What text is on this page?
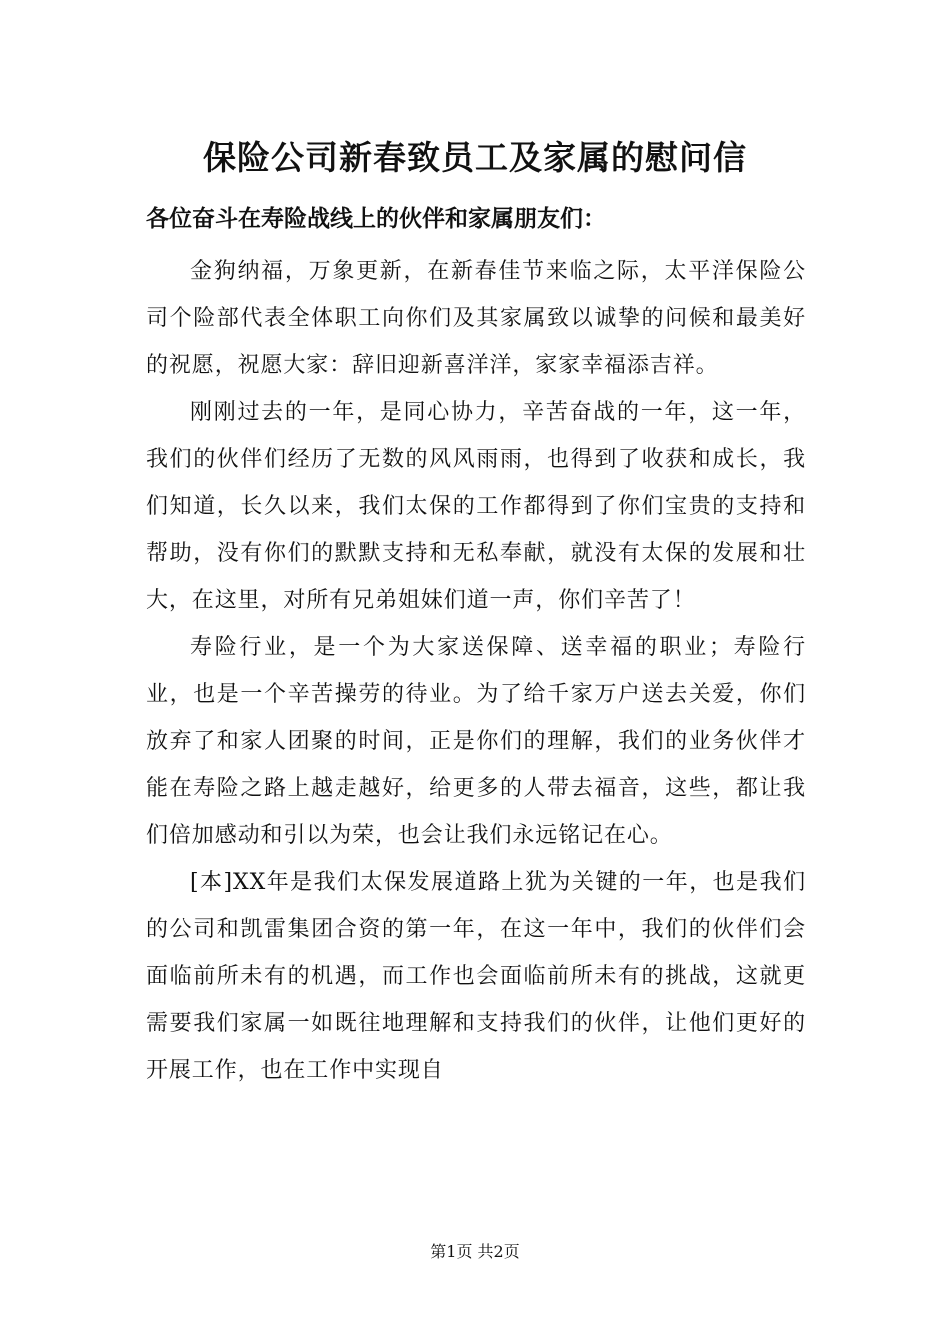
保险公司新春致员工及家属的慰问信

各位奋斗在寿险战线上的伙伴和家属朋友们：

金狗纳福，万象更新，在新春佳节来临之际，太平洋保险公司个险部代表全体职工向你们及其家属致以诚挚的问候和最美好的祝愿，祝愿大家：辞旧迎新喜洋洋，家家幸福添吉祥。

刚刚过去的一年，是同心协力，辛苦奋战的一年，这一年，我们的伙伴们经历了无数的风风雨雨，也得到了收获和成长，我们知道，长久以来，我们太保的工作都得到了你们宝贵的支持和帮助，没有你们的默默支持和无私奉献，就没有太保的发展和壮大，在这里，对所有兄弟姐妹们道一声，你们辛苦了！

寿险行业，是一个为大家送保障、送幸福的职业；寿险行业，也是一个辛苦操劳的待业。为了给千家万户送去关爱，你们放弃了和家人团聚的时间，正是你们的理解，我们的业务伙伴才能在寿险之路上越走越好，给更多的人带去福音，这些，都让我们倍加感动和引以为荣，也会让我们永远铭记在心。

[本]XX年是我们太保发展道路上犹为关键的一年，也是我们的公司和凯雷集团合资的第一年，在这一年中，我们的伙伴们会面临前所未有的机遇，而工作也会面临前所未有的挑战，这就更需要我们家属一如既往地理解和支持我们的伙伴，让他们更好的开展工作，也在工作中实现自

第1页 共2页
